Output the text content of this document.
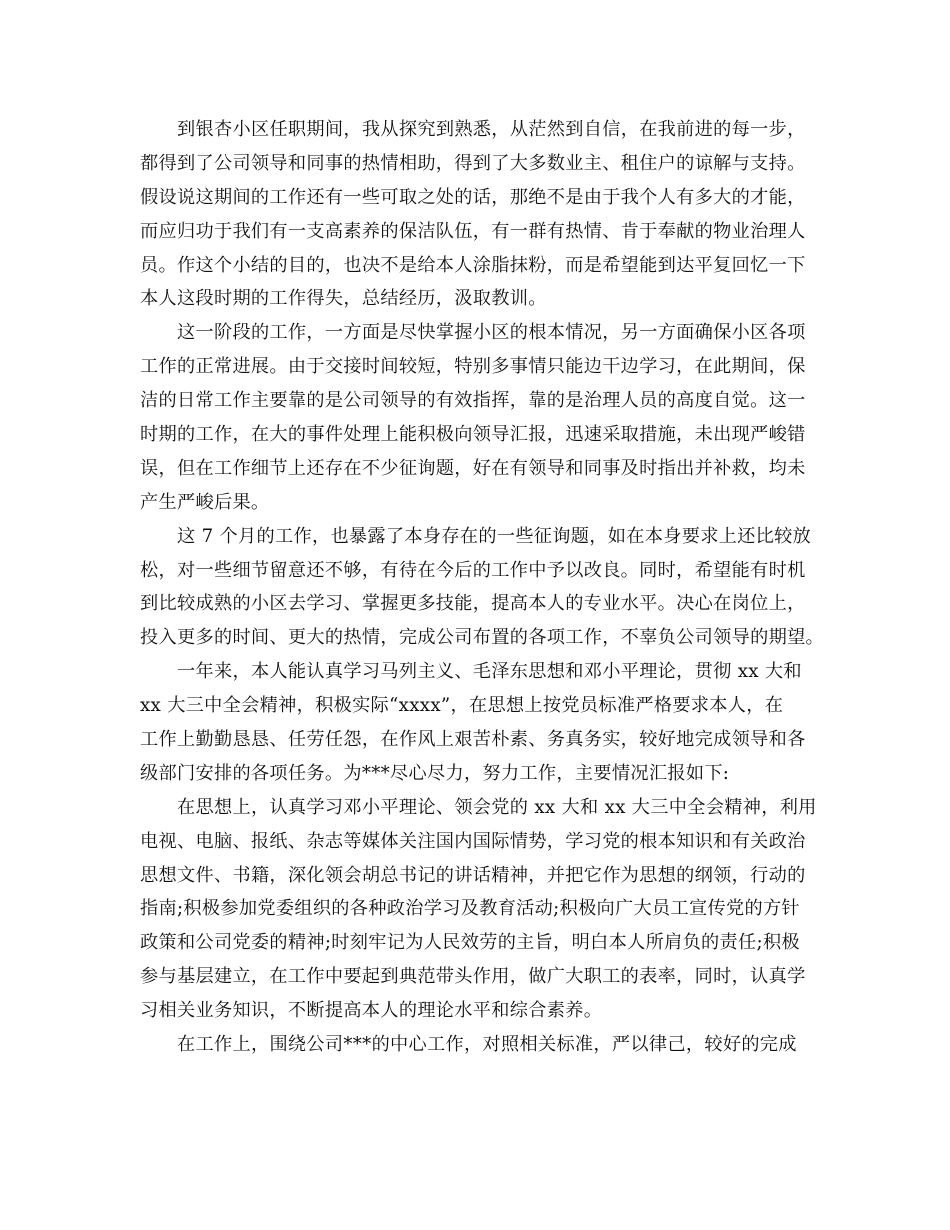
到银杏小区任职期间，我从探究到熟悉，从茫然到自信，在我前进的每一步，
都得到了公司领导和同事的热情相助，得到了大多数业主、租住户的谅解与支持。
假设说这期间的工作还有一些可取之处的话，那绝不是由于我个人有多大的才能，
而应归功于我们有一支高素养的保洁队伍，有一群有热情、肯于奉献的物业治理人
员。作这个小结的目的，也决不是给本人涂脂抹粉，而是希望能到达平复回忆一下
本人这段时期的工作得失，总结经历，汲取教训。
这一阶段的工作，一方面是尽快掌握小区的根本情况，另一方面确保小区各项
工作的正常进展。由于交接时间较短，特别多事情只能边干边学习，在此期间，保
洁的日常工作主要靠的是公司领导的有效指挥，靠的是治理人员的高度自觉。这一
时期的工作，在大的事件处理上能积极向领导汇报，迅速采取措施，未出现严峻错
误，但在工作细节上还存在不少征询题，好在有领导和同事及时指出并补救，均未
产生严峻后果。
这 7 个月的工作，也暴露了本身存在的一些征询题，如在本身要求上还比较放
松，对一些细节留意还不够，有待在今后的工作中予以改良。同时，希望能有时机
到比较成熟的小区去学习、掌握更多技能，提高本人的专业水平。决心在岗位上，
投入更多的时间、更大的热情，完成公司布置的各项工作，不辜负公司领导的期望。
一年来，本人能认真学习马列主义、毛泽东思想和邓小平理论，贯彻 xx 大和
xx 大三中全会精神，积极实际“xxxx”，在思想上按党员标准严格要求本人，在
工作上勤勤恳恳、任劳任怨，在作风上艰苦朴素、务真务实，较好地完成领导和各
级部门安排的各项任务。为***尽心尽力，努力工作，主要情况汇报如下:
在思想上，认真学习邓小平理论、领会党的 xx 大和 xx 大三中全会精神，利用
电视、电脑、报纸、杂志等媒体关注国内国际情势，学习党的根本知识和有关政治
思想文件、书籍，深化领会胡总书记的讲话精神，并把它作为思想的纲领，行动的
指南;积极参加党委组织的各种政治学习及教育活动;积极向广大员工宣传党的方针
政策和公司党委的精神;时刻牢记为人民效劳的主旨，明白本人所肩负的责任;积极
参与基层建立，在工作中要起到典范带头作用，做广大职工的表率，同时，认真学
习相关业务知识，不断提高本人的理论水平和综合素养。
在工作上，围绕公司***的中心工作，对照相关标准，严以律己，较好的完成
